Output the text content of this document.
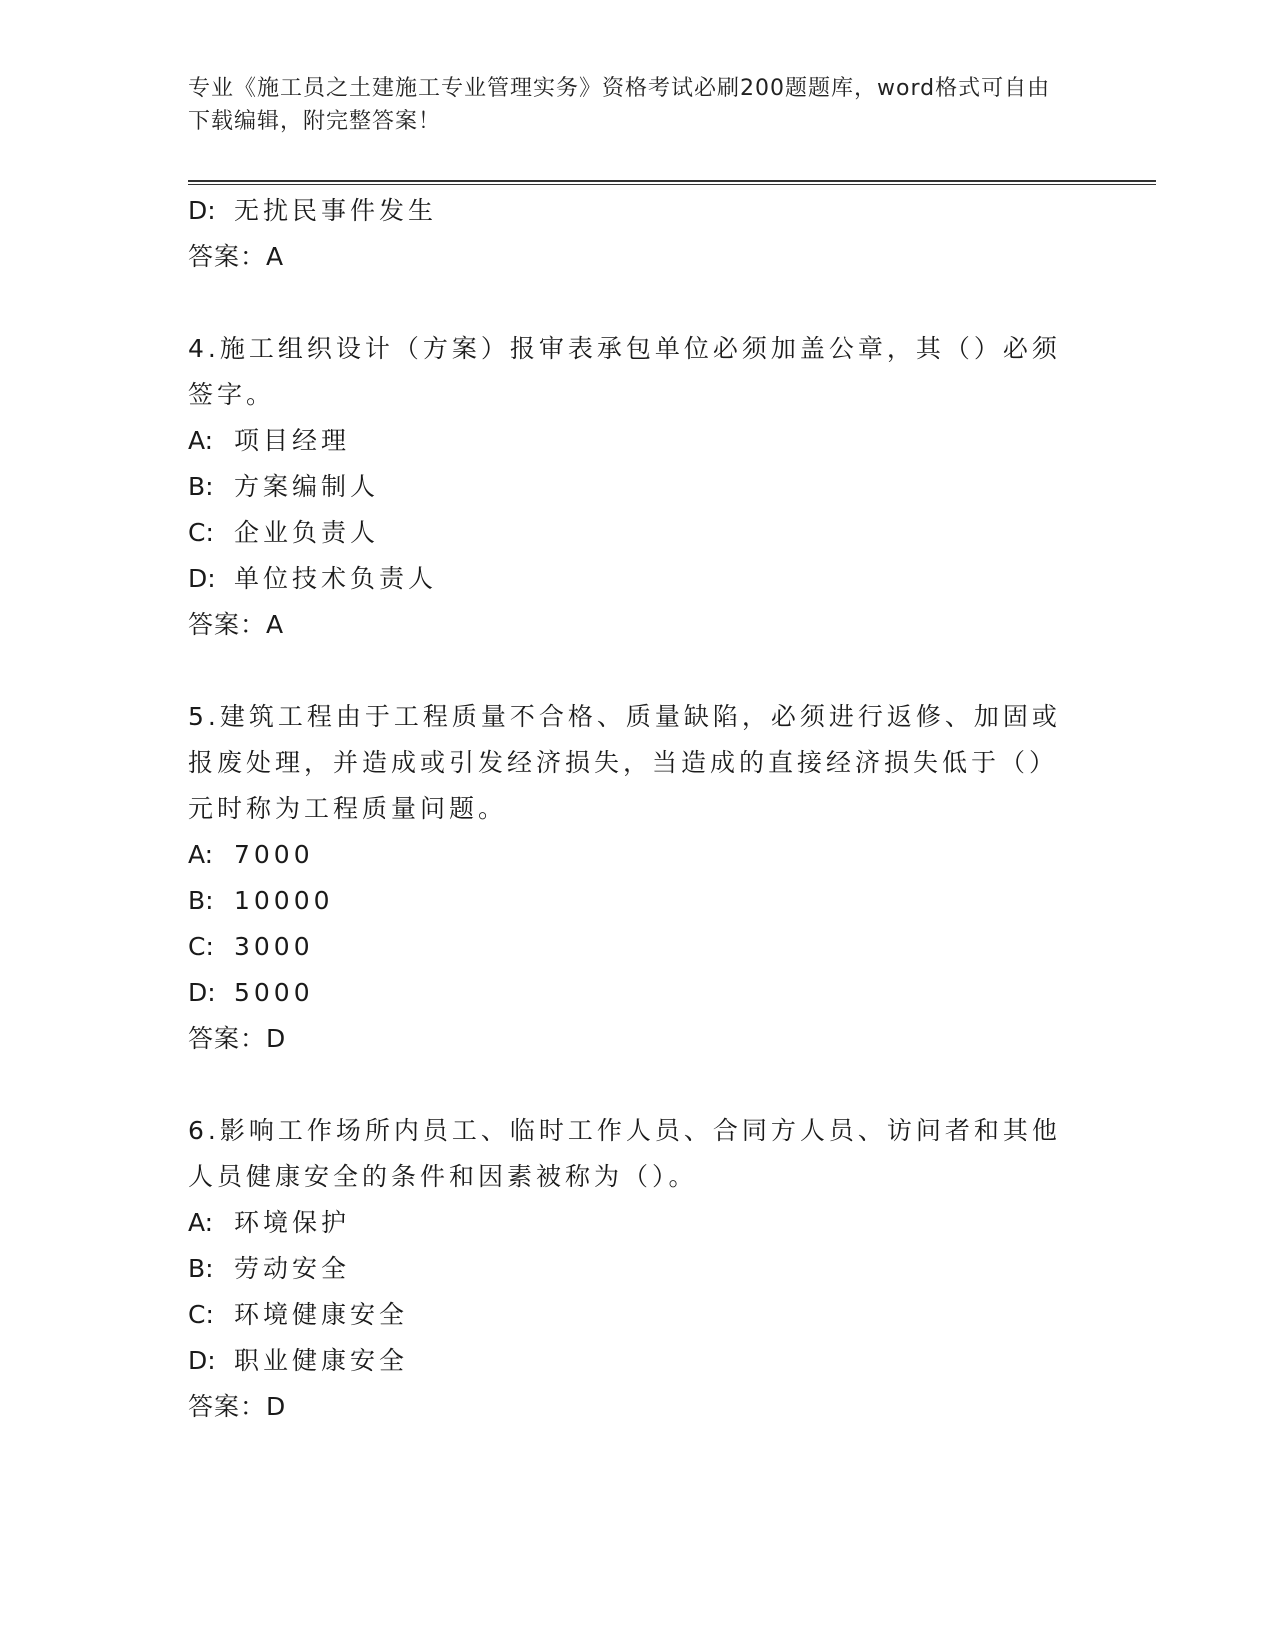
专业《施工员之土建施工专业管理实务》资格考试必刷200题题库，word格式可自由下载编辑，附完整答案！
D: 无扰民事件发生
答案：A
4.施工组织设计（方案）报审表承包单位必须加盖公章，其（）必须
签字。
A: 项目经理
B: 方案编制人
C: 企业负责人
D: 单位技术负责人
答案：A
5.建筑工程由于工程质量不合格、质量缺陷，必须进行返修、加固或
报废处理，并造成或引发经济损失，当造成的直接经济损失低于（）
元时称为工程质量问题。
A: 7000
B: 10000
C: 3000
D: 5000
答案：D
6.影响工作场所内员工、临时工作人员、合同方人员、访问者和其他
人员健康安全的条件和因素被称为（）。
A: 环境保护
B: 劳动安全
C: 环境健康安全
D: 职业健康安全
答案：D
